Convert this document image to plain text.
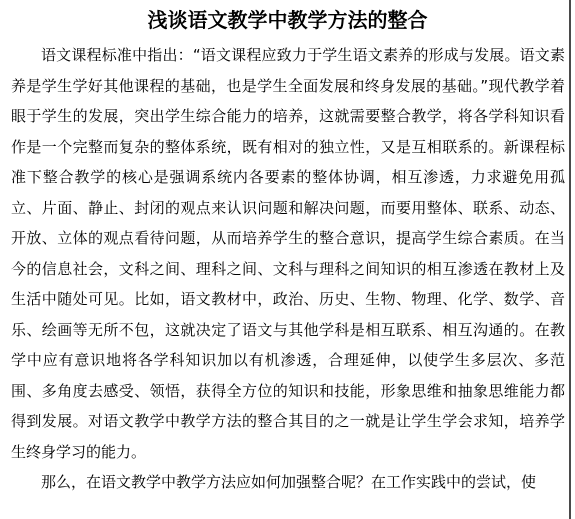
浅谈语文教学中教学方法的整合

语文课程标准中指出：“语文课程应致力于学生语文素养的形成与发展。语文素养是学生学好其他课程的基础，也是学生全面发展和终身发展的基础。”现代教学着眼于学生的发展，突出学生综合能力的培养，这就需要整合教学，将各学科知识看作是一个完整而复杂的整体系统，既有相对的独立性，又是互相联系的。新课程标准下整合教学的核心是强调系统内各要素的整体协调，相互渗透，力求避免用孤立、片面、静止、封闭的观点来认识问题和解决问题，而要用整体、联系、动态、开放、立体的观点看待问题，从而培养学生的整合意识，提高学生综合素质。在当今的信息社会，文科之间、理科之间、文科与理科之间知识的相互渗透在教材上及生活中随处可见。比如，语文教材中，政治、历史、生物、物理、化学、数学、音乐、绘画等无所不包，这就决定了语文与其他学科是相互联系、相互沟通的。在教学中应有意识地将各学科知识加以有机渗透，合理延伸，以使学生多层次、多范围、多角度去感受、领悟，获得全方位的知识和技能，形象思维和抽象思维能力都得到发展。对语文教学中教学方法的整合其目的之一就是让学生学会求知，培养学生终身学习的能力。

那么，在语文教学中教学方法应如何加强整合呢？在工作实践中的尝试，使
